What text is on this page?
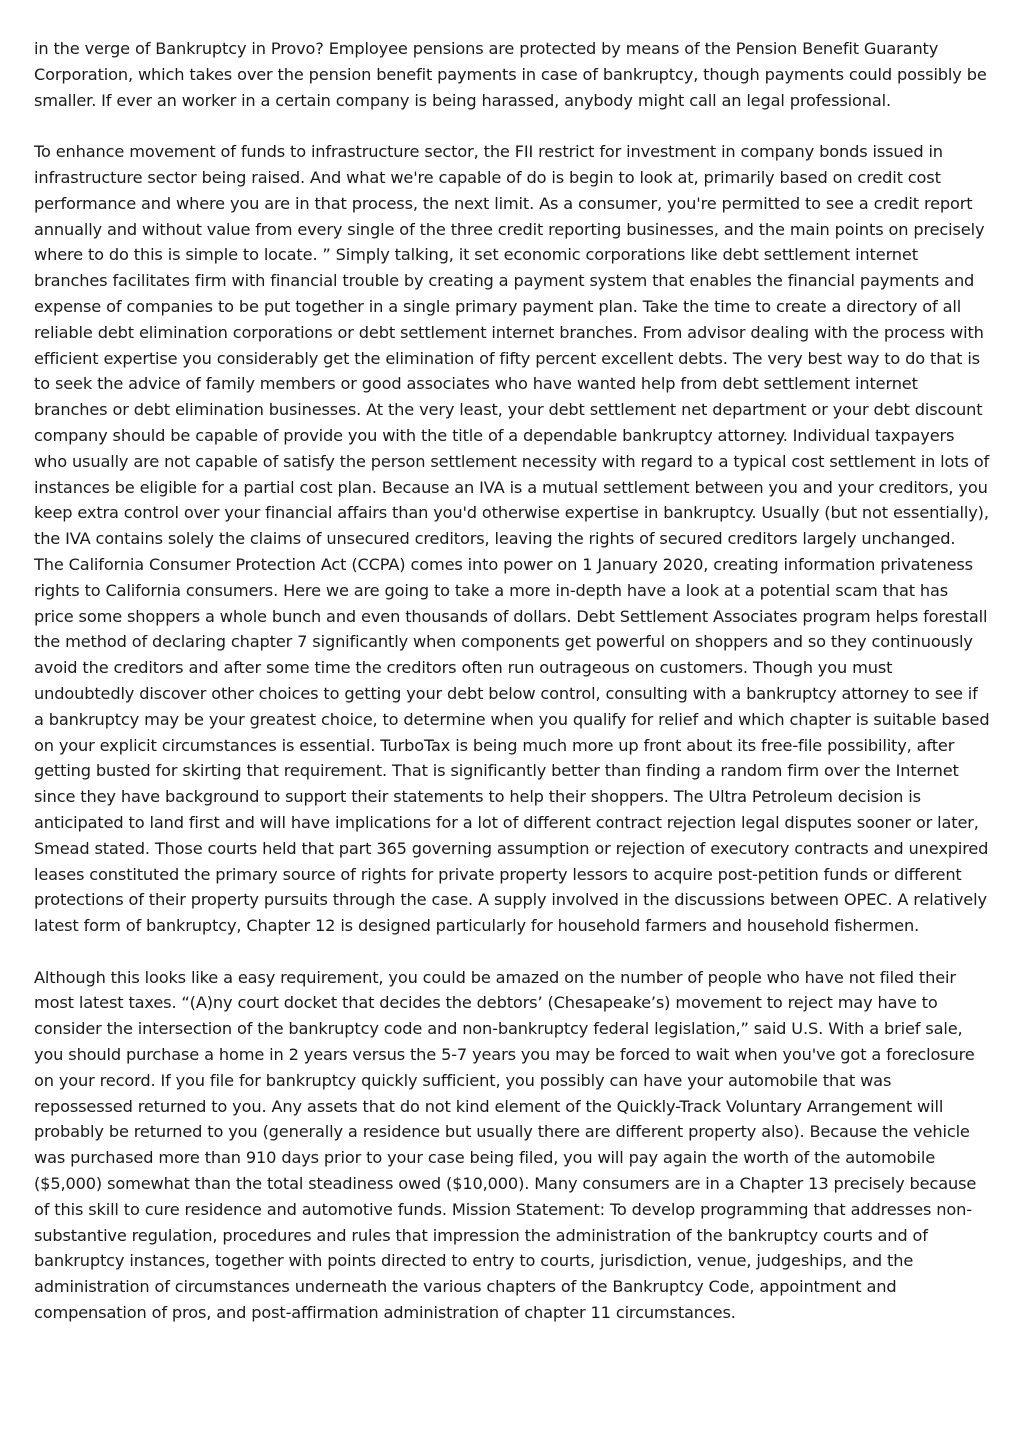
in the verge of Bankruptcy in Provo? Employee pensions are protected by means of the Pension Benefit Guaranty Corporation, which takes over the pension benefit payments in case of bankruptcy, though payments could possibly be smaller. If ever an worker in a certain company is being harassed, anybody might call an legal professional.

To enhance movement of funds to infrastructure sector, the FII restrict for investment in company bonds issued in infrastructure sector being raised. And what we're capable of do is begin to look at, primarily based on credit cost performance and where you are in that process, the next limit. As a consumer, you're permitted to see a credit report annually and without value from every single of the three credit reporting businesses, and the main points on precisely where to do this is simple to locate. ” Simply talking, it set economic corporations like debt settlement internet branches facilitates firm with financial trouble by creating a payment system that enables the financial payments and expense of companies to be put together in a single primary payment plan. Take the time to create a directory of all reliable debt elimination corporations or debt settlement internet branches. From advisor dealing with the process with efficient expertise you considerably get the elimination of fifty percent excellent debts. The very best way to do that is to seek the advice of family members or good associates who have wanted help from debt settlement internet branches or debt elimination businesses. At the very least, your debt settlement net department or your debt discount company should be capable of provide you with the title of a dependable bankruptcy attorney. Individual taxpayers who usually are not capable of satisfy the person settlement necessity with regard to a typical cost settlement in lots of instances be eligible for a partial cost plan. Because an IVA is a mutual settlement between you and your creditors, you keep extra control over your financial affairs than you'd otherwise expertise in bankruptcy. Usually (but not essentially), the IVA contains solely the claims of unsecured creditors, leaving the rights of secured creditors largely unchanged. The California Consumer Protection Act (CCPA) comes into power on 1 January 2020, creating information privateness rights to California consumers. Here we are going to take a more in-depth have a look at a potential scam that has price some shoppers a whole bunch and even thousands of dollars. Debt Settlement Associates program helps forestall the method of declaring chapter 7 significantly when components get powerful on shoppers and so they continuously avoid the creditors and after some time the creditors often run outrageous on customers. Though you must undoubtedly discover other choices to getting your debt below control, consulting with a bankruptcy attorney to see if a bankruptcy may be your greatest choice, to determine when you qualify for relief and which chapter is suitable based on your explicit circumstances is essential. TurboTax is being much more up front about its free-file possibility, after getting busted for skirting that requirement. That is significantly better than finding a random firm over the Internet since they have background to support their statements to help their shoppers. The Ultra Petroleum decision is anticipated to land first and will have implications for a lot of different contract rejection legal disputes sooner or later, Smead stated. Those courts held that part 365 governing assumption or rejection of executory contracts and unexpired leases constituted the primary source of rights for private property lessors to acquire post-petition funds or different protections of their property pursuits through the case. A supply involved in the discussions between OPEC. A relatively latest form of bankruptcy, Chapter 12 is designed particularly for household farmers and household fishermen.

Although this looks like a easy requirement, you could be amazed on the number of people who have not filed their most latest taxes. “(A)ny court docket that decides the debtors’ (Chesapeake’s) movement to reject may have to consider the intersection of the bankruptcy code and non-bankruptcy federal legislation,” said U.S. With a brief sale, you should purchase a home in 2 years versus the 5-7 years you may be forced to wait when you've got a foreclosure on your record. If you file for bankruptcy quickly sufficient, you possibly can have your automobile that was repossessed returned to you. Any assets that do not kind element of the Quickly-Track Voluntary Arrangement will probably be returned to you (generally a residence but usually there are different property also). Because the vehicle was purchased more than 910 days prior to your case being filed, you will pay again the worth of the automobile ($5,000) somewhat than the total steadiness owed ($10,000). Many consumers are in a Chapter 13 precisely because of this skill to cure residence and automotive funds. Mission Statement: To develop programming that addresses non-substantive regulation, procedures and rules that impression the administration of the bankruptcy courts and of bankruptcy instances, together with points directed to entry to courts, jurisdiction, venue, judgeships, and the administration of circumstances underneath the various chapters of the Bankruptcy Code, appointment and compensation of pros, and post-affirmation administration of chapter 11 circumstances.
